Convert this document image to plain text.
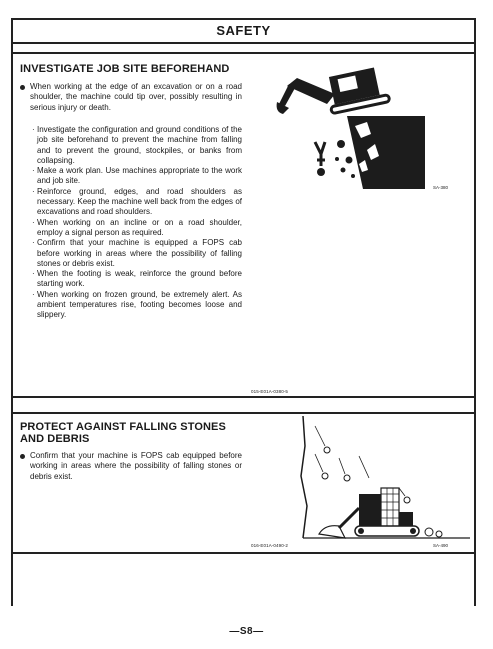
SAFETY
INVESTIGATE JOB SITE BEFOREHAND
When working at the edge of an excavation or on a road shoulder, the machine could tip over, possibly resulting in serious injury or death.
· Investigate the configuration and ground conditions of the job site beforehand to prevent the machine from falling and to prevent the ground, stockpiles, or banks from collapsing.
· Make a work plan. Use machines appropriate to the work and job site.
· Reinforce ground, edges, and road shoulders as necessary. Keep the machine well back from the edges of excavations and road shoulders.
· When working on an incline or on a road shoulder, employ a signal person as required.
· Confirm that your machine is equipped a FOPS cab before working in areas where the possibility of falling stones or debris exist.
· When the footing is weak, reinforce the ground before starting work.
· When working on frozen ground, be extremely alert. As ambient temperatures rise, footing becomes loose and slippery.
SA-380
015-E01A-0380-5
PROTECT AGAINST FALLING STONES
AND DEBRIS
Confirm that your machine is FOPS cab equipped before working in areas where the possibility of falling stones or debris exist.
016-E01A-0490-2	SA-490
—S8—
